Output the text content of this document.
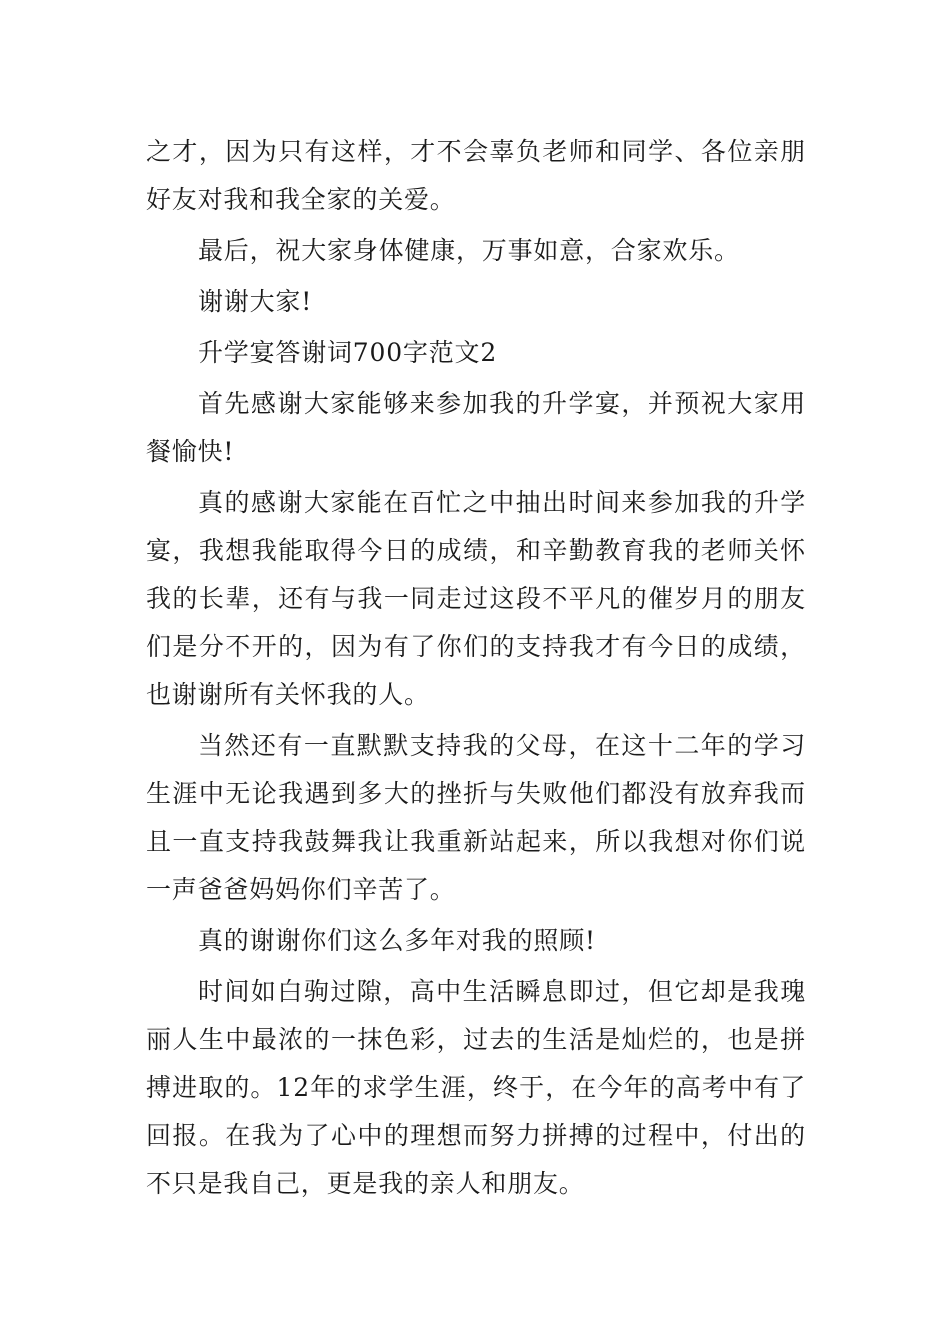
之才，因为只有这样，才不会辜负老师和同学、各位亲朋好友对我和我全家的关爱。

最后，祝大家身体健康，万事如意，合家欢乐。

谢谢大家!

升学宴答谢词700字范文2

首先感谢大家能够来参加我的升学宴，并预祝大家用餐愉快!

真的感谢大家能在百忙之中抽出时间来参加我的升学宴，我想我能取得今日的成绩，和辛勤教育我的老师关怀我的长辈，还有与我一同走过这段不平凡的催岁月的朋友们是分不开的，因为有了你们的支持我才有今日的成绩，也谢谢所有关怀我的人。

当然还有一直默默支持我的父母，在这十二年的学习生涯中无论我遇到多大的挫折与失败他们都没有放弃我而且一直支持我鼓舞我让我重新站起来，所以我想对你们说一声爸爸妈妈你们辛苦了。

真的谢谢你们这么多年对我的照顾!

时间如白驹过隙，高中生活瞬息即过，但它却是我瑰丽人生中最浓的一抹色彩，过去的生活是灿烂的，也是拼搏进取的。12年的求学生涯，终于，在今年的高考中有了回报。在我为了心中的理想而努力拼搏的过程中，付出的不只是我自己，更是我的亲人和朋友。
